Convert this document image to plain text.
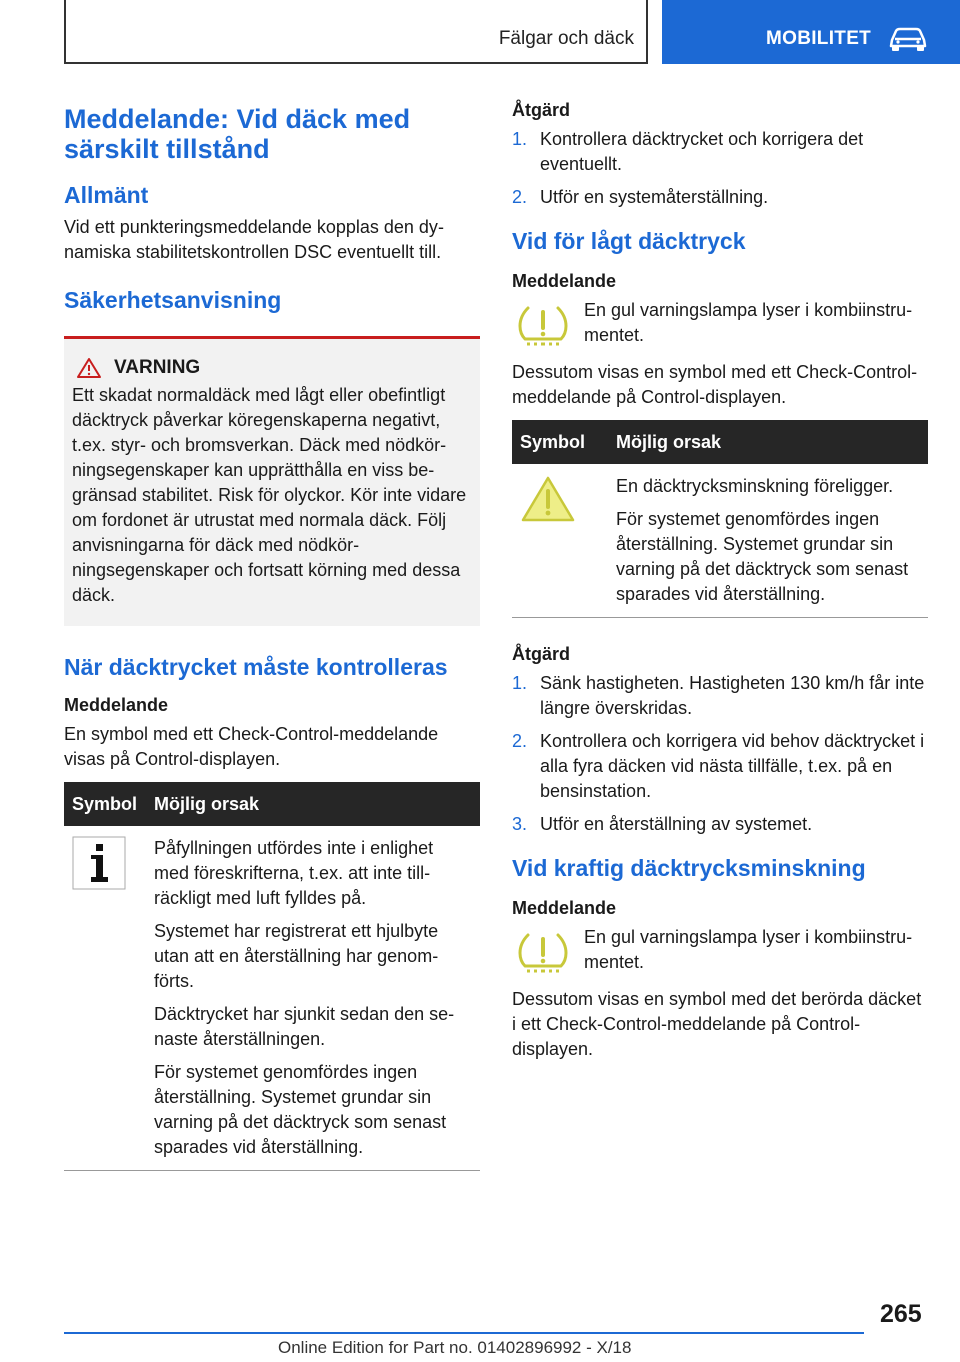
Fälgar och däck	MOBILITET
Meddelande: Vid däck med särskilt tillstånd
Allmänt

Vid ett punkteringsmeddelande kopplas den dynamiska stabilitetskontrollen DSC eventuellt till.

Säkerhetsanvisning
VARNING

Ett skadat normaldäck med lågt eller obefintligt däcktryck påverkar köregenskaperna negativt, t.ex. styr- och bromsverkan. Däck med nödkörningsegenskaper kan upprätthålla en viss begränsad stabilitet. Risk för olyckor. Kör inte vidare om fordonet är utrustat med normala däck. Följ anvisningarna för däck med nödkörningsegenskaper och fortsatt körning med dessa däck.

När däcktrycket måste kontrolleras
Meddelande

En symbol med ett Check-Control-meddelande visas på Control-displayen.

Symbol	Möjlig orsak

Påfyllningen utfördes inte i enlighet med föreskrifterna, t.ex. att inte tillräckligt med luft fylldes på.

Systemet har registrerat ett hjulbyte utan att en återställning har genomförts.

Däcktrycket har sjunkit sedan den senaste återställningen.

För systemet genomfördes ingen återställning. Systemet grundar sin varning på det däcktryck som senast sparades vid återställning.

Åtgärd
1. Kontrollera däcktrycket och korrigera det eventuellt.
2. Utför en systemåterställning.
Vid för lågt däcktryck
Meddelande

En gul varningslampa lyser i kombiinstrumentet.

Dessutom visas en symbol med ett Check-Control-meddelande på Control-displayen.

Symbol	Möjlig orsak

En däcktrycksminskning föreligger.

För systemet genomfördes ingen återställning. Systemet grundar sin varning på det däcktryck som senast sparades vid återställning.

Åtgärd
1. Sänk hastigheten. Hastigheten 130 km/h får inte längre överskridas.
2. Kontrollera och korrigera vid behov däcktrycket i alla fyra däcken vid nästa tillfälle, t.ex. på en bensinstation.
3. Utför en återställning av systemet.
Vid kraftig däcktrycksminskning
Meddelande

En gul varningslampa lyser i kombiinstrumentet.

Dessutom visas en symbol med det berörda däcket i ett Check-Control-meddelande på Control-displayen.

265
Online Edition for Part no. 01402896992 - X/18
